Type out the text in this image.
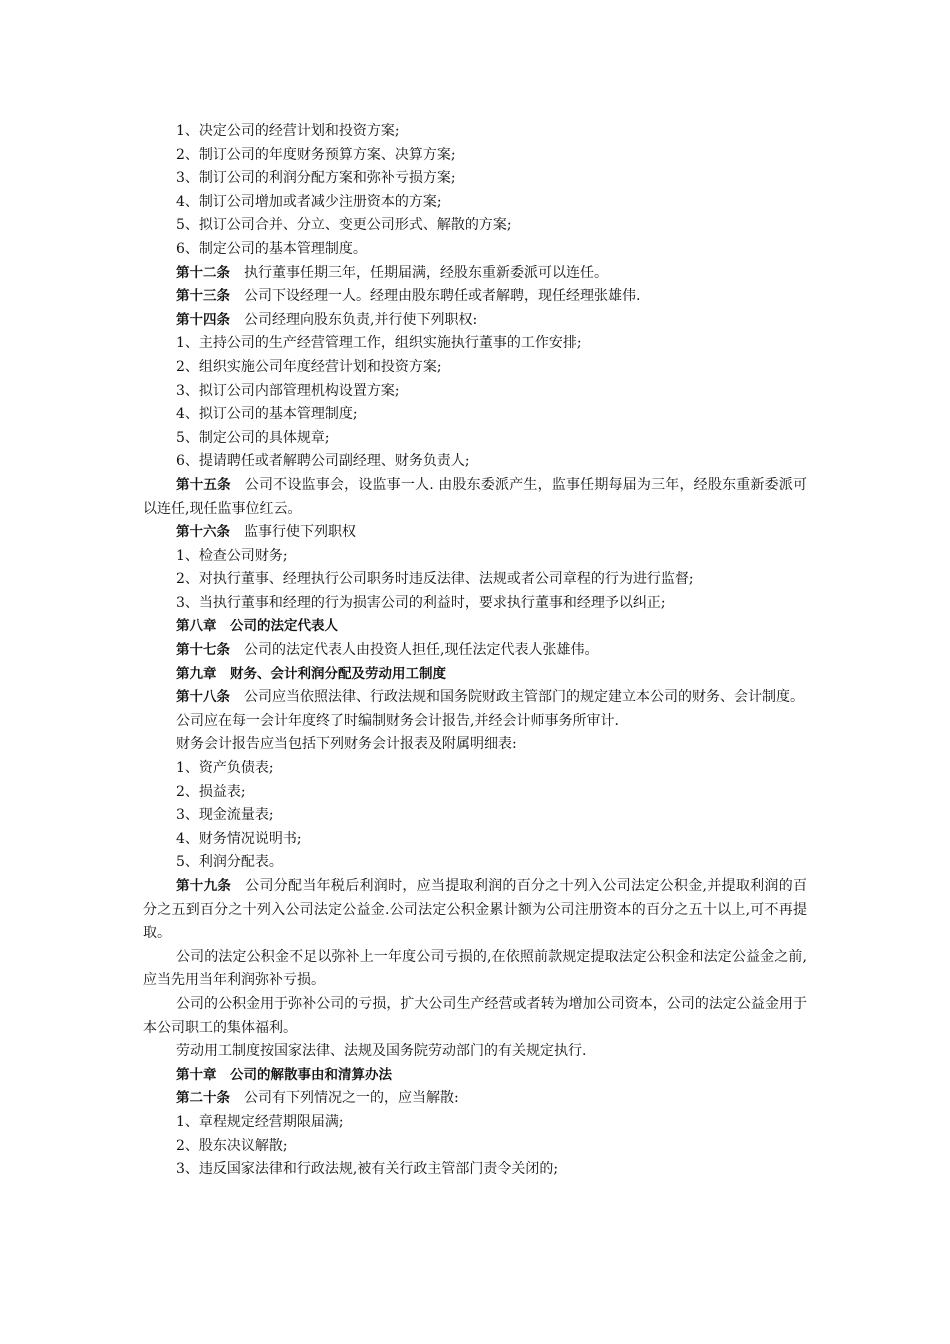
1、决定公司的经营计划和投资方案;

2、制订公司的年度财务预算方案、决算方案;

3、制订公司的利润分配方案和弥补亏损方案;

4、制订公司增加或者减少注册资本的方案;

5、拟订公司合并、分立、变更公司形式、解散的方案;

6、制定公司的基本管理制度。

第十二条 执行董事任期三年，任期届满，经股东重新委派可以连任。

第十三条 公司下设经理一人。经理由股东聘任或者解聘，现任经理张雄伟.

第十四条 公司经理向股东负责,并行使下列职权:

1、主持公司的生产经营管理工作，组织实施执行董事的工作安排;

2、组织实施公司年度经营计划和投资方案;

3、拟订公司内部管理机构设置方案;

4、拟订公司的基本管理制度;

5、制定公司的具体规章;

6、提请聘任或者解聘公司副经理、财务负责人;

第十五条 公司不设监事会，设监事一人. 由股东委派产生，监事任期每届为三年，经股东重新委派可以连任,现任监事位红云。

第十六条 监事行使下列职权

1、检查公司财务;

2、对执行董事、经理执行公司职务时违反法律、法规或者公司章程的行为进行监督;

3、当执行董事和经理的行为损害公司的利益时，要求执行董事和经理予以纠正;

第八章　公司的法定代表人

第十七条 公司的法定代表人由投资人担任,现任法定代表人张雄伟。

第九章　财务、会计利润分配及劳动用工制度

第十八条 公司应当依照法律、行政法规和国务院财政主管部门的规定建立本公司的财务、会计制度。

公司应在每一会计年度终了时编制财务会计报告,并经会计师事务所审计.

财务会计报告应当包括下列财务会计报表及附属明细表:

1、资产负债表;

2、损益表;

3、现金流量表;

4、财务情况说明书;

5、利润分配表。

第十九条 公司分配当年税后利润时，应当提取利润的百分之十列入公司法定公积金,并提取利润的百分之五到百分之十列入公司法定公益金.公司法定公积金累计额为公司注册资本的百分之五十以上,可不再提取。

公司的法定公积金不足以弥补上一年度公司亏损的,在依照前款规定提取法定公积金和法定公益金之前,应当先用当年利润弥补亏损。

公司的公积金用于弥补公司的亏损，扩大公司生产经营或者转为增加公司资本，公司的法定公益金用于本公司职工的集体福利。

劳动用工制度按国家法律、法规及国务院劳动部门的有关规定执行.

第十章　公司的解散事由和清算办法

第二十条 公司有下列情况之一的，应当解散:

1、章程规定经营期限届满;

2、股东决议解散;

3、违反国家法律和行政法规,被有关行政主管部门责令关闭的;
